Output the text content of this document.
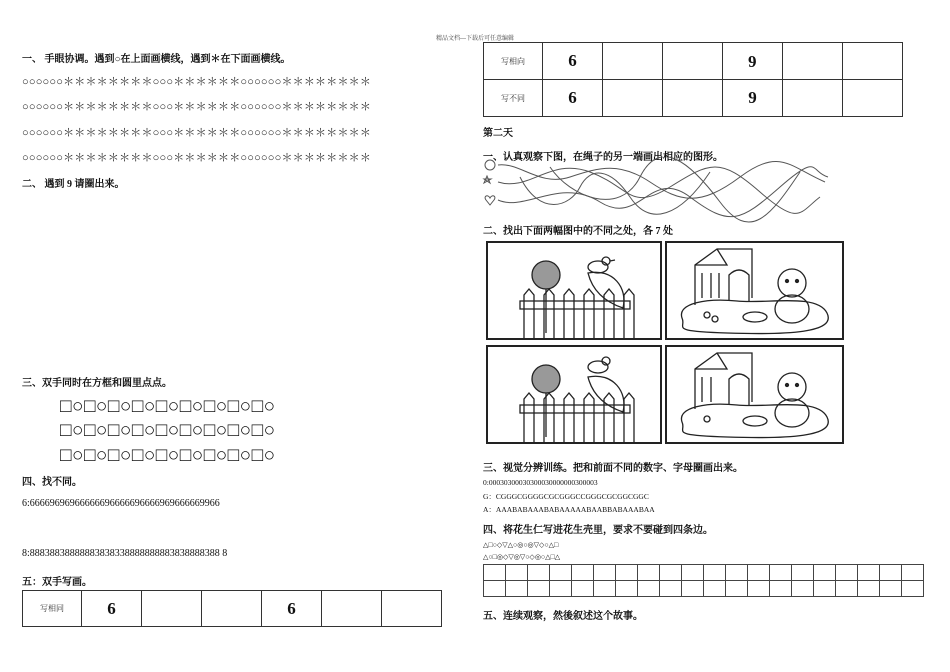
精品文档---下载后可任意编辑
一、 手眼协调。遇到○在上面画横线，遇到＊在下面画横线。
○○○○○○＊＊＊＊＊＊＊＊○○○＊＊＊＊＊＊○○○○○○＊＊＊＊＊＊＊＊
○○○○○○＊＊＊＊＊＊＊＊○○○＊＊＊＊＊＊○○○○○○＊＊＊＊＊＊＊＊
○○○○○○＊＊＊＊＊＊＊＊○○○＊＊＊＊＊＊○○○○○○＊＊＊＊＊＊＊＊
○○○○○○＊＊＊＊＊＊＊＊○○○＊＊＊＊＊＊○○○○○○＊＊＊＊＊＊＊＊
二、 遇到 9 请圈出来。
三、双手同时在方框和圆里点点。
□○□○□○□○□○□○□○□○□○
□○□○□○□○□○□○□○□○□○
□○□○□○□○□○□○□○□○□○
四、找不同。
6:66669696966666696666696666969666669966
8:88838838888883838338888888883838888388 8
五：双手写画。
写相同	6			6		
写相向	6			6		
写不同	6			9		
第二天
一、认真观察下图，在绳子的另一端画出相应的图形。
二、找出下面两幅图中的不同之处，各 7 处
三、视觉分辨训练。把和前面不同的数字、字母圈画出来。
0:00030300030300030000000300003
G：CGGGCGGGGCGCGGGCCGGGCGCGGCGGC
A：AAABABAAABABAAAAABAABBABAAABAA
四、将花生仁写进花生壳里，要求不要碰到四条边。
△□○◇▽△○◎○◎▽◇○△□
△○□◎◇▽◎▽○◇◎○△□△

五、连续观察，然後叙述这个故事。
